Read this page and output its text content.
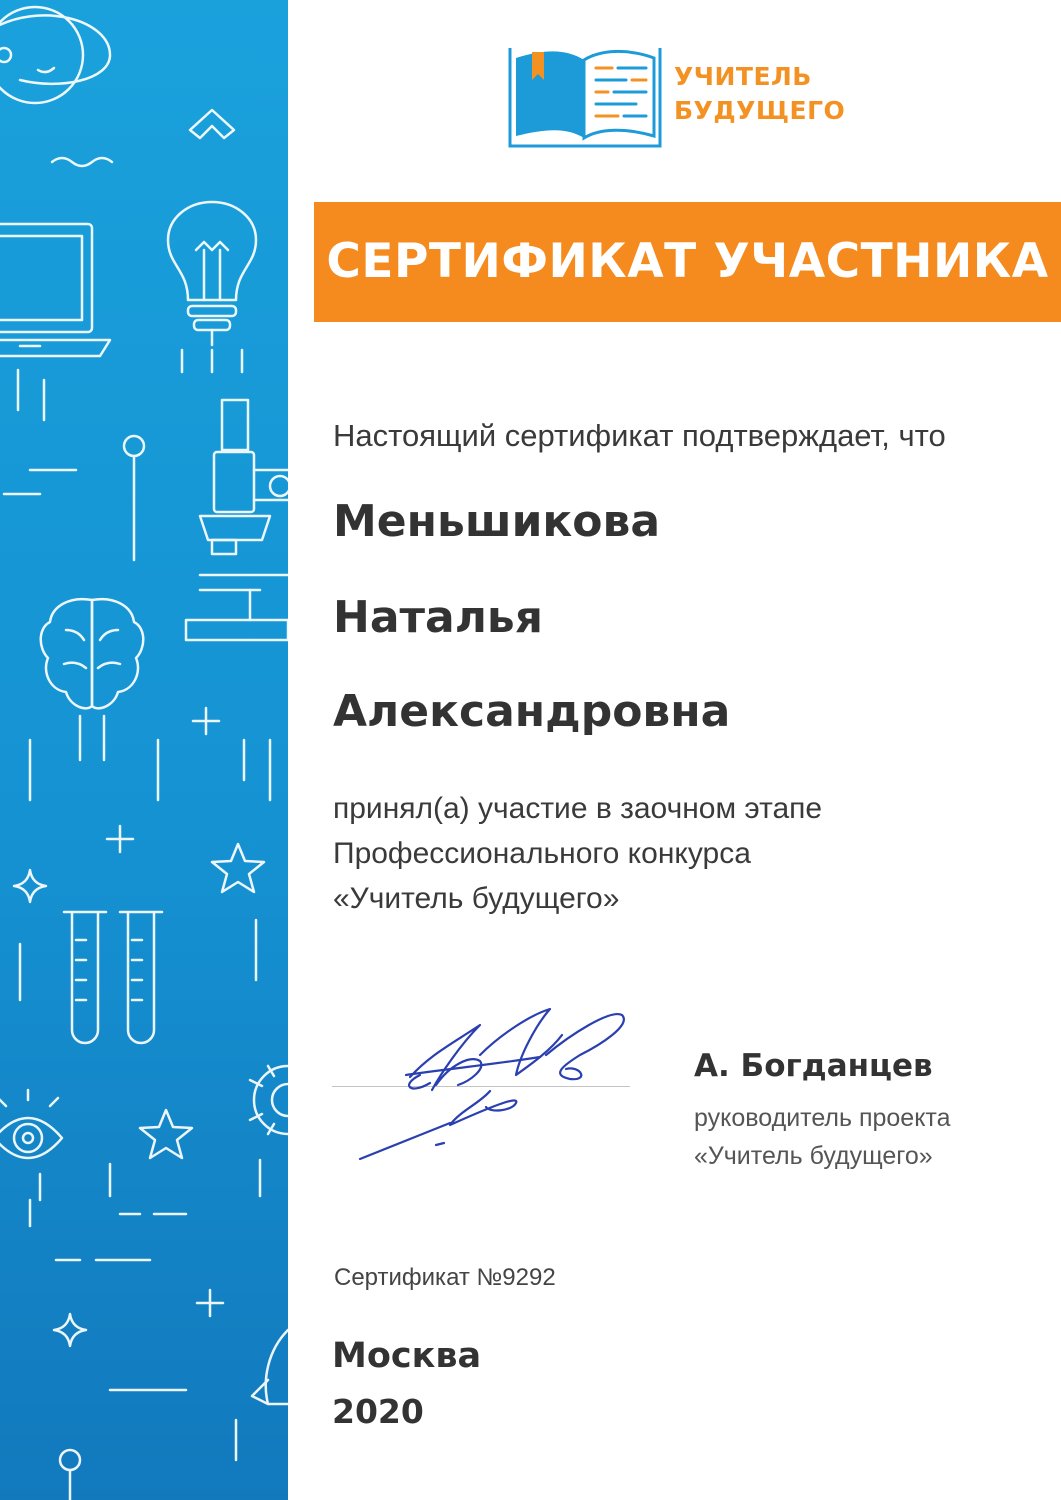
УЧИТЕЛЬ
БУДУЩЕГО
СЕРТИФИКАТ УЧАСТНИКА
Настоящий сертификат подтверждает, что
Меньшикова
Наталья
Александровна
принял(а) участие в заочном этапе
Профессионального конкурса
«Учитель будущего»
А. Богданцев
руководитель проекта
«Учитель будущего»
Сертификат №9292
Москва
2020
